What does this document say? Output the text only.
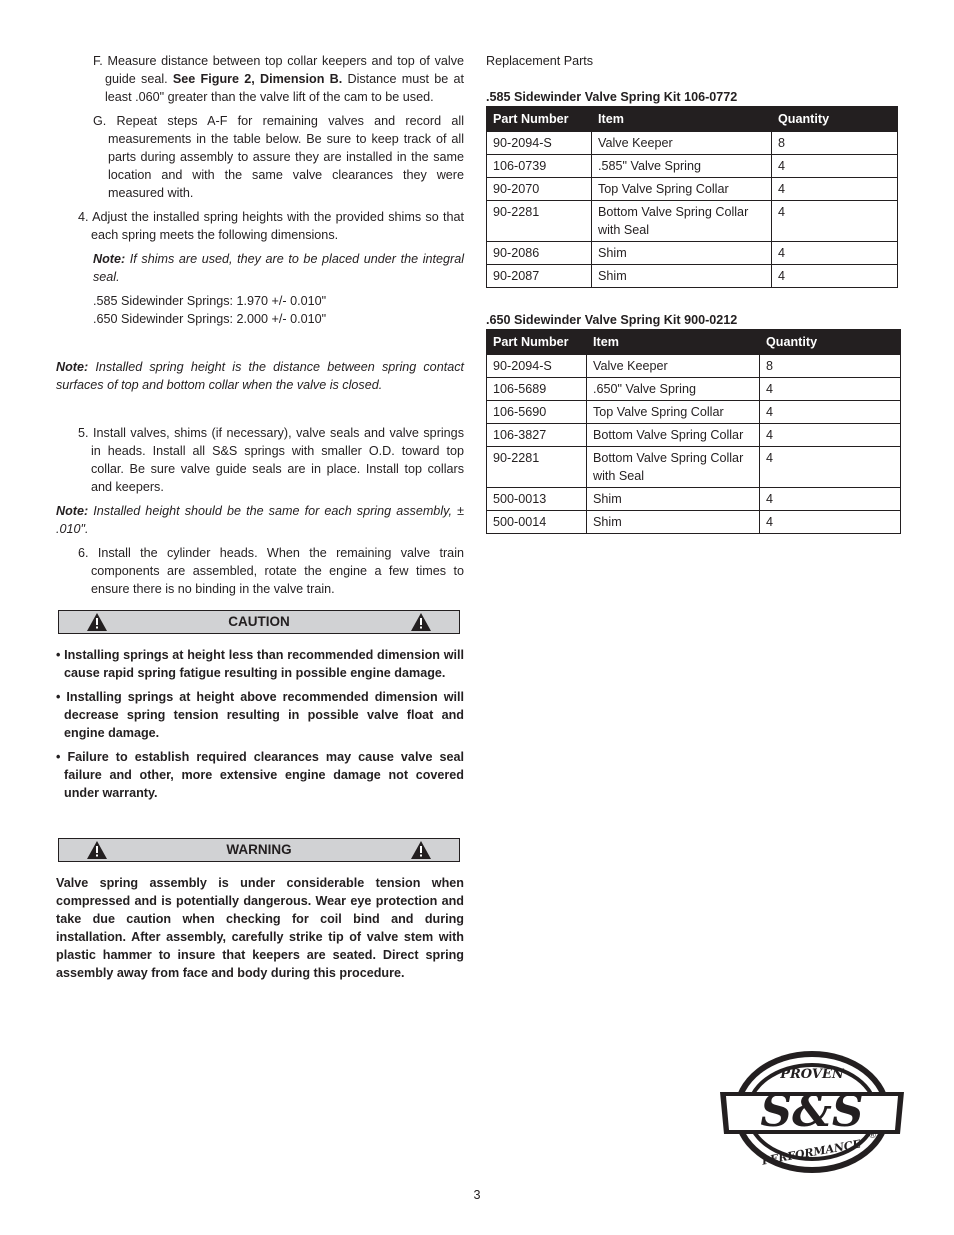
F. Measure distance between top collar keepers and top of valve guide seal. See Figure 2, Dimension B. Distance must be at least .060" greater than the valve lift of the cam to be used.

G. Repeat steps A-F for remaining valves and record all measurements in the table below. Be sure to keep track of all parts during assembly to assure they are installed in the same location and with the same valve clearances they were measured with.

4. Adjust the installed spring heights with the provided shims so that each spring meets the following dimensions.

Note: If shims are used, they are to be placed under the integral seal.

.585 Sidewinder Springs: 1.970 +/- 0.010"

.650 Sidewinder Springs: 2.000 +/- 0.010"

Note: Installed spring height is the distance between spring contact surfaces of top and bottom collar when the valve is closed.

5. Install valves, shims (if necessary), valve seals and valve springs in heads. Install all S&S springs with smaller O.D. toward top collar. Be sure valve guide seals are in place. Install top collars and keepers.

Note: Installed height should be the same for each spring assembly, ± .010".

6. Install the cylinder heads. When the remaining valve train components are assembled, rotate the engine a few times to ensure there is no binding in the valve train.

CAUTION

• Installing springs at height less than recommended dimension will cause rapid spring fatigue resulting in possible engine damage.

• Installing springs at height above recommended dimension will decrease spring tension resulting in possible valve float and engine damage.

• Failure to establish required clearances may cause valve seal failure and other, more extensive engine damage not covered under warranty.

WARNING

Valve spring assembly is under considerable tension when compressed and is potentially dangerous. Wear eye protection and take due caution when checking for coil bind and during installation. After assembly, carefully strike tip of valve stem with plastic hammer to insure that keepers are seated. Direct spring assembly away from face and body during this procedure.

Replacement Parts

.585 Sidewinder Valve Spring Kit 106-0772

Part Number	Item	Quantity
90-2094-S	Valve Keeper	8
106-0739	.585" Valve Spring	4
90-2070	Top Valve Spring Collar	4
90-2281	Bottom Valve Spring Collar with Seal	4
90-2086	Shim	4
90-2087	Shim	4

.650 Sidewinder Valve Spring Kit 900-0212

Part Number	Item	Quantity
90-2094-S	Valve Keeper	8
106-5689	.650" Valve Spring	4
106-5690	Top Valve Spring Collar	4
106-3827	Bottom Valve Spring Collar	4
90-2281	Bottom Valve Spring Collar with Seal	4
500-0013	Shim	4
500-0014	Shim	4
S&S
PROVEN
PERFORMANCE
®
3
